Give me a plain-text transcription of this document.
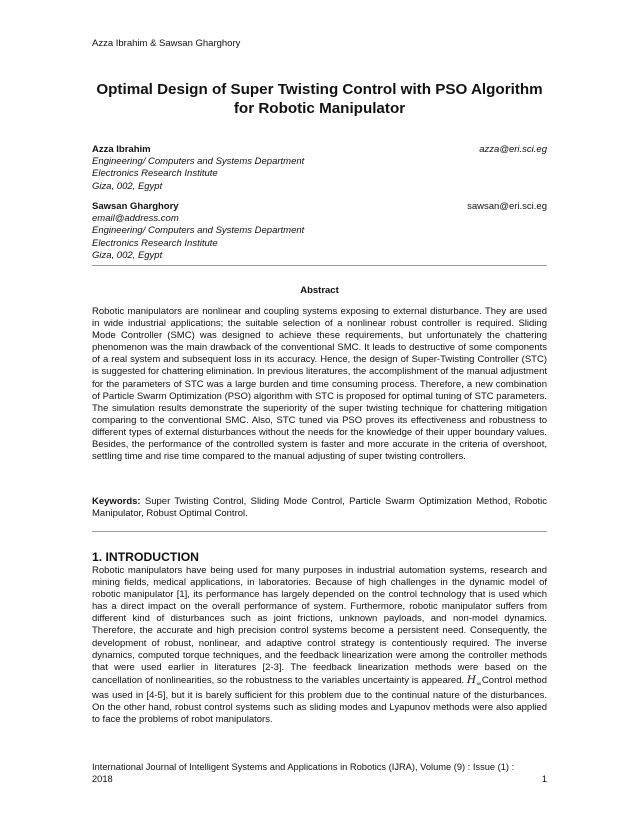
Azza Ibrahim & Sawsan Gharghory
Optimal Design of Super Twisting Control with PSO Algorithm
for Robotic Manipulator
Azza Ibrahim	azza@eri.sci.eg
Engineering/ Computers and Systems Department
Electronics Research Institute
Giza, 002, Egypt
Sawsan Gharghory	sawsan@eri.sci.eg
email@address.com
Engineering/ Computers and Systems Department
Electronics Research Institute
Giza, 002, Egypt
Abstract

Robotic manipulators are nonlinear and coupling systems exposing to external disturbance. They are used in wide industrial applications; the suitable selection of a nonlinear robust controller is required. Sliding Mode Controller (SMC) was designed to achieve these requirements, but unfortunately the chattering phenomenon was the main drawback of the conventional SMC. It leads to destructive of some components of a real system and subsequent loss in its accuracy. Hence, the design of Super-Twisting Controller (STC) is suggested for chattering elimination. In previous literatures, the accomplishment of the manual adjustment for the parameters of STC was a large burden and time consuming process. Therefore, a new combination of Particle Swarm Optimization (PSO) algorithm with STC is proposed for optimal tuning of STC parameters. The simulation results demonstrate the superiority of the super twisting technique for chattering mitigation comparing to the conventional SMC. Also, STC tuned via PSO proves its effectiveness and robustness to different types of external disturbances without the needs for the knowledge of their upper boundary values. Besides, the performance of the controlled system is faster and more accurate in the criteria of overshoot, settling time and rise time compared to the manual adjusting of super twisting controllers.

Keywords: Super Twisting Control, Sliding Mode Control, Particle Swarm Optimization Method, Robotic Manipulator, Robust Optimal Control.

1. INTRODUCTION

Robotic manipulators have being used for many purposes in industrial automation systems, research and mining fields, medical applications, in laboratories. Because of high challenges in the dynamic model of robotic manipulator [1], its performance has largely depended on the control technology that is used which has a direct impact on the overall performance of system. Furthermore, robotic manipulator suffers from different kind of disturbances such as joint frictions, unknown payloads, and non-model dynamics. Therefore, the accurate and high precision control systems become a persistent need. Consequently, the development of robust, nonlinear, and adaptive control strategy is contentiously required. The inverse dynamics, computed torque techniques, and the feedback linearization were among the controller methods that were used earlier in literatures [2-3]. The feedback linearization methods were based on the cancellation of nonlinearities, so the robustness to the variables uncertainty is appeared. $H_\infty Control$ method was used in [4-5], but it is barely sufficient for this problem due to the continual nature of the disturbances. On the other hand, robust control systems such as sliding modes and Lyapunov methods were also applied to face the problems of robot manipulators.

International Journal of Intelligent Systems and Applications in Robotics (IJRA), Volume (9) : Issue (1) :
2018	1
